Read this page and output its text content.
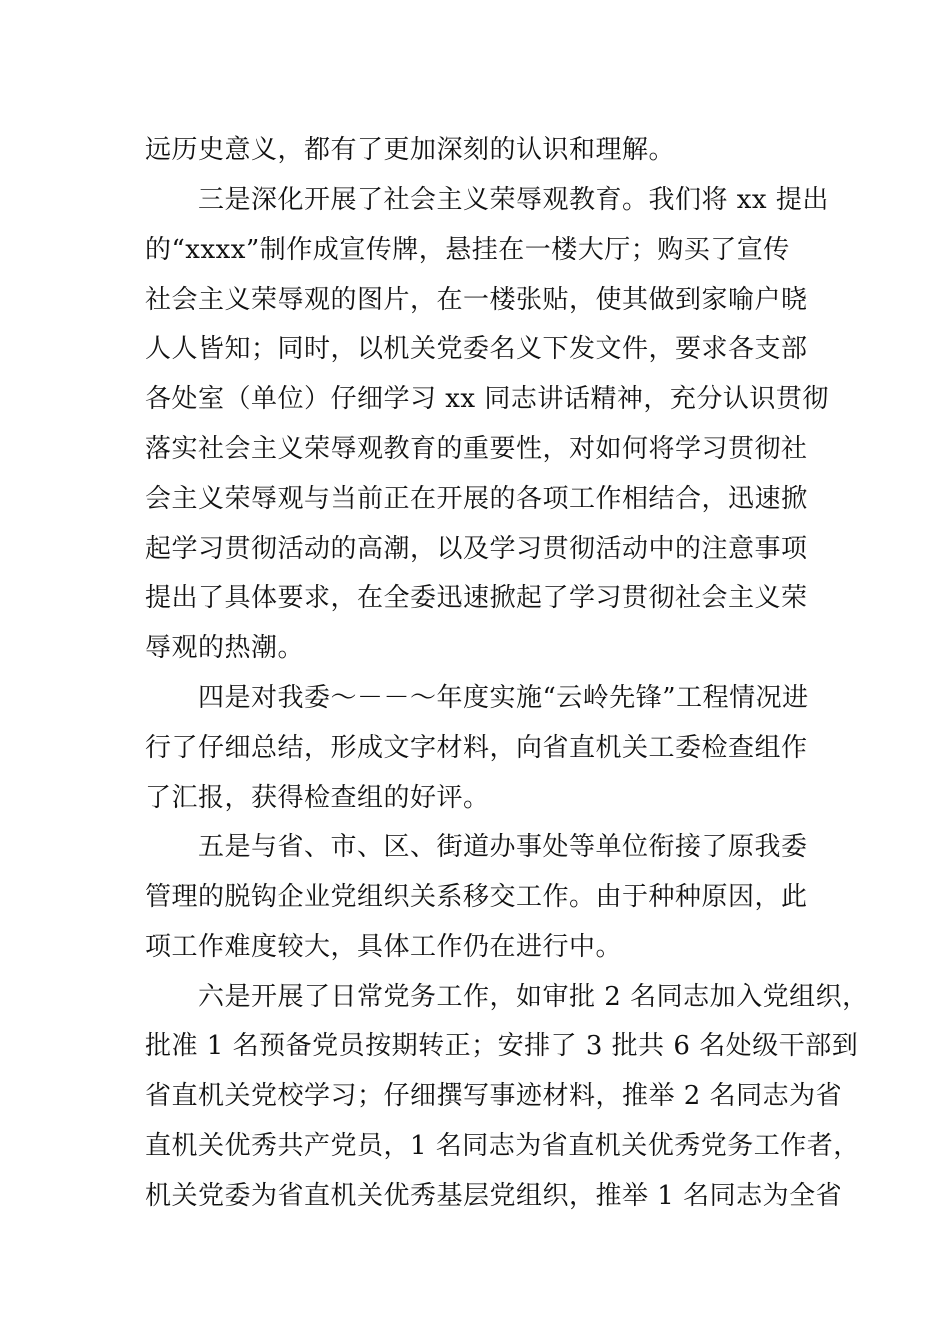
远历史意义，都有了更加深刻的认识和理解。
三是深化开展了社会主义荣辱观教育。我们将 xx 提出
的“xxxx”制作成宣传牌，悬挂在一楼大厅；购买了宣传
社会主义荣辱观的图片，在一楼张贴，使其做到家喻户晓
人人皆知；同时，以机关党委名义下发文件，要求各支部
各处室（单位）仔细学习 xx 同志讲话精神，充分认识贯彻
落实社会主义荣辱观教育的重要性，对如何将学习贯彻社
会主义荣辱观与当前正在开展的各项工作相结合，迅速掀
起学习贯彻活动的高潮，以及学习贯彻活动中的注意事项
提出了具体要求，在全委迅速掀起了学习贯彻社会主义荣
辱观的热潮。
四是对我委～－－～年度实施“云岭先锋”工程情况进
行了仔细总结，形成文字材料，向省直机关工委检查组作
了汇报，获得检查组的好评。
五是与省、市、区、街道办事处等单位衔接了原我委
管理的脱钩企业党组织关系移交工作。由于种种原因，此
项工作难度较大，具体工作仍在进行中。
六是开展了日常党务工作，如审批 2 名同志加入党组织，
批准 1 名预备党员按期转正；安排了 3 批共 6 名处级干部到
省直机关党校学习；仔细撰写事迹材料，推举 2 名同志为省
直机关优秀共产党员，1 名同志为省直机关优秀党务工作者，
机关党委为省直机关优秀基层党组织，推举 1 名同志为全省
